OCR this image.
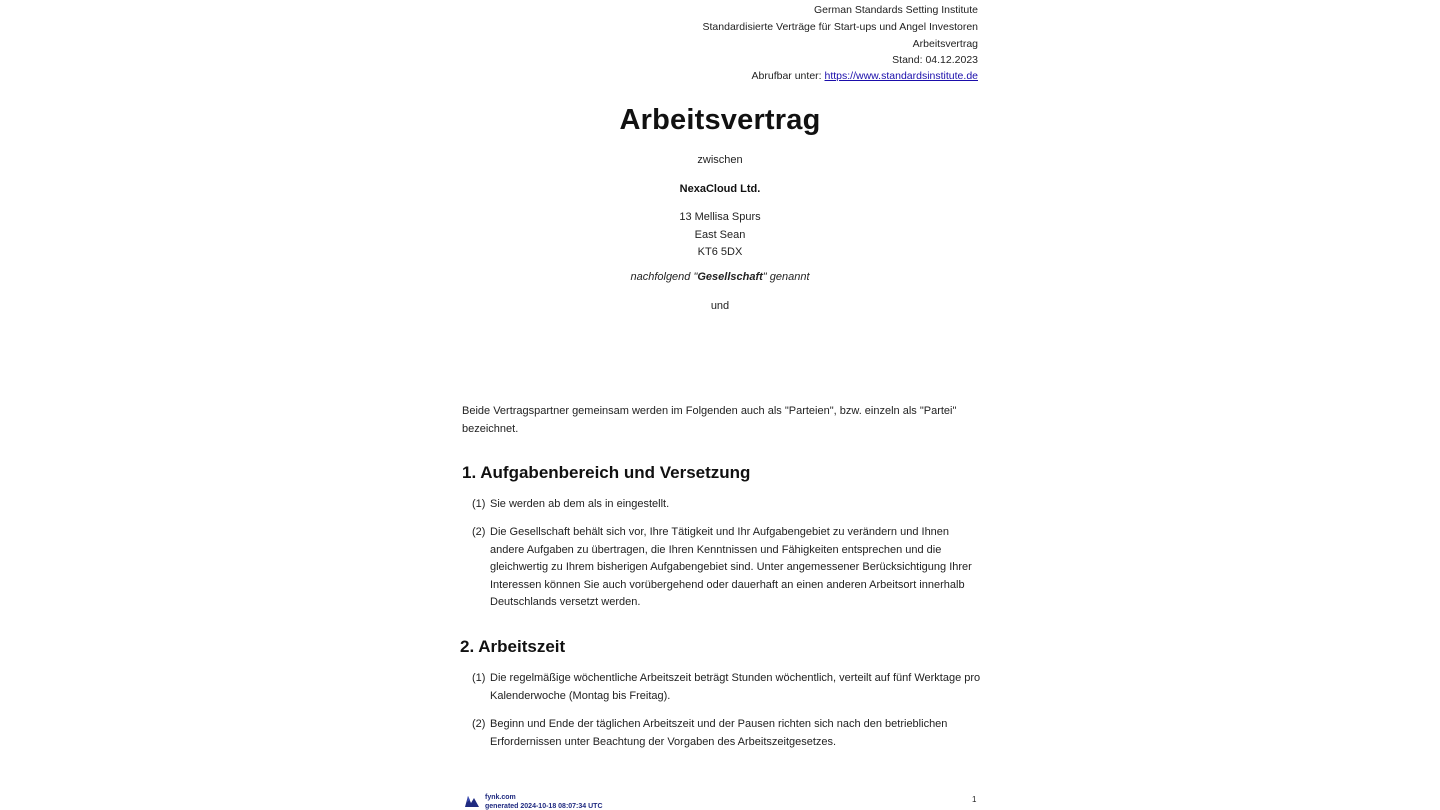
German Standards Setting Institute
Standardisierte Verträge für Start-ups und Angel Investoren
Arbeitsvertrag
Stand: 04.12.2023
Abrufbar unter: https://www.standardsinstitute.de
Arbeitsvertrag
zwischen
NexaCloud Ltd.
13 Mellisa Spurs
East Sean
KT6 5DX
nachfolgend "Gesellschaft" genannt
und
Beide Vertragspartner gemeinsam werden im Folgenden auch als "Parteien", bzw. einzeln als "Partei" bezeichnet.
1. Aufgabenbereich und Versetzung
(1) Sie werden ab dem als in eingestellt.
(2) Die Gesellschaft behält sich vor, Ihre Tätigkeit und Ihr Aufgabengebiet zu verändern und Ihnen andere Aufgaben zu übertragen, die Ihren Kenntnissen und Fähigkeiten entsprechen und die gleichwertig zu Ihrem bisherigen Aufgabengebiet sind. Unter angemessener Berücksichtigung Ihrer Interessen können Sie auch vorübergehend oder dauerhaft an einen anderen Arbeitsort innerhalb Deutschlands versetzt werden.
2. Arbeitszeit
(1) Die regelmäßige wöchentliche Arbeitszeit beträgt Stunden wöchentlich, verteilt auf fünf Werktage pro Kalenderwoche (Montag bis Freitag).
(2) Beginn und Ende der täglichen Arbeitszeit und der Pausen richten sich nach den betrieblichen Erfordernissen unter Beachtung der Vorgaben des Arbeitszeitgesetzes.
fynk.com
generated 2024-10-18 08:07:34 UTC
1
